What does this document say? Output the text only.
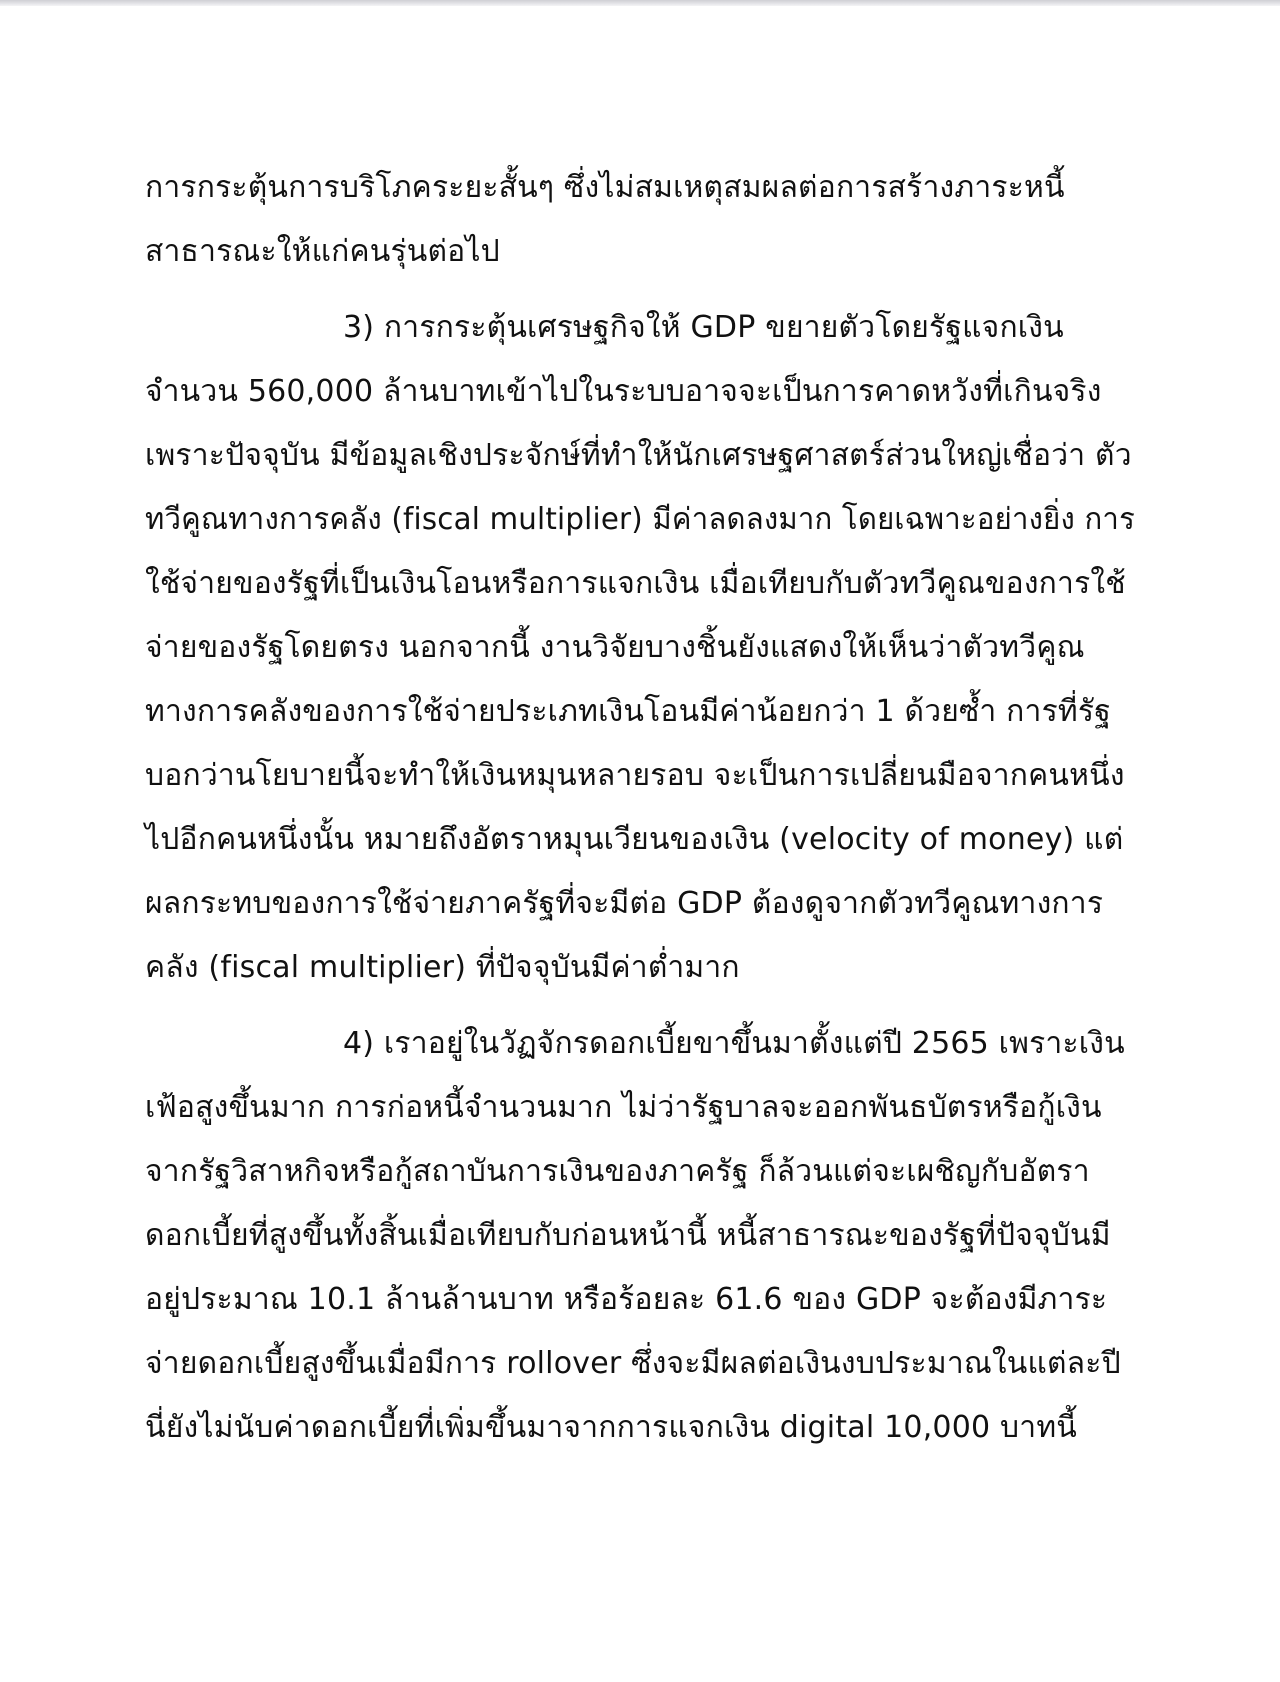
การกระตุ้นการบริโภคระยะสั้นๆ ซึ่งไม่สมเหตุสมผลต่อการสร้างภาระหนี้

สาธารณะให้แก่คนรุ่นต่อไป

3) การกระตุ้นเศรษฐกิจให้ GDP ขยายตัวโดยรัฐแจกเงิน

จำนวน 560,000 ล้านบาทเข้าไปในระบบอาจจะเป็นการคาดหวังที่เกินจริง

เพราะปัจจุบัน มีข้อมูลเชิงประจักษ์ที่ทำให้นักเศรษฐศาสตร์ส่วนใหญ่เชื่อว่า ตัว

ทวีคูณทางการคลัง (fiscal multiplier) มีค่าลดลงมาก โดยเฉพาะอย่างยิ่ง การ

ใช้จ่ายของรัฐที่เป็นเงินโอนหรือการแจกเงิน เมื่อเทียบกับตัวทวีคูณของการใช้

จ่ายของรัฐโดยตรง นอกจากนี้ งานวิจัยบางชิ้นยังแสดงให้เห็นว่าตัวทวีคูณ

ทางการคลังของการใช้จ่ายประเภทเงินโอนมีค่าน้อยกว่า 1 ด้วยซ้ำ การที่รัฐ

บอกว่านโยบายนี้จะทำให้เงินหมุนหลายรอบ จะเป็นการเปลี่ยนมือจากคนหนึ่ง

ไปอีกคนหนึ่งนั้น หมายถึงอัตราหมุนเวียนของเงิน (velocity of money) แต่

ผลกระทบของการใช้จ่ายภาครัฐที่จะมีต่อ GDP ต้องดูจากตัวทวีคูณทางการ

คลัง (fiscal multiplier) ที่ปัจจุบันมีค่าต่ำมาก

4) เราอยู่ในวัฏจักรดอกเบี้ยขาขึ้นมาตั้งแต่ปี 2565 เพราะเงิน

เฟ้อสูงขึ้นมาก การก่อหนี้จำนวนมาก ไม่ว่ารัฐบาลจะออกพันธบัตรหรือกู้เงิน

จากรัฐวิสาหกิจหรือกู้สถาบันการเงินของภาครัฐ ก็ล้วนแต่จะเผชิญกับอัตรา

ดอกเบี้ยที่สูงขึ้นทั้งสิ้นเมื่อเทียบกับก่อนหน้านี้ หนี้สาธารณะของรัฐที่ปัจจุบันมี

อยู่ประมาณ 10.1 ล้านล้านบาท หรือร้อยละ 61.6 ของ GDP จะต้องมีภาระ

จ่ายดอกเบี้ยสูงขึ้นเมื่อมีการ rollover ซึ่งจะมีผลต่อเงินงบประมาณในแต่ละปี

นี่ยังไม่นับค่าดอกเบี้ยที่เพิ่มขึ้นมาจากการแจกเงิน digital 10,000 บาทนี้
